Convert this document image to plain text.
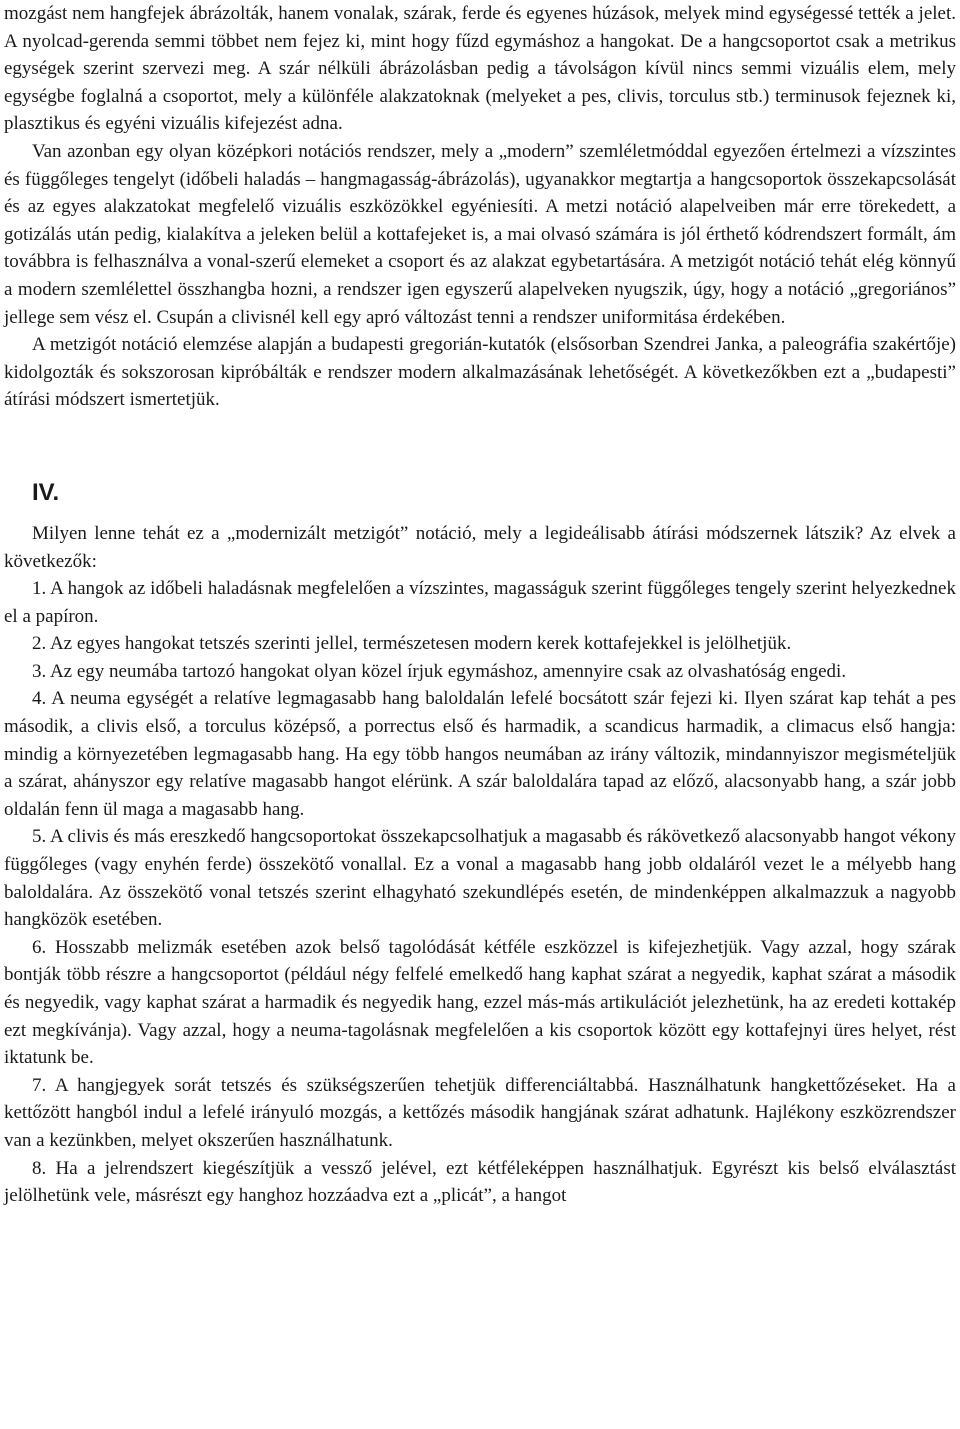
mozgást nem hangfejek ábrázolták, hanem vonalak, szárak, ferde és egyenes húzások, melyek mind egységessé tették a jelet. A nyolcad-gerenda semmi többet nem fejez ki, mint hogy fűzd egymáshoz a hangokat. De a hangcsoportot csak a metrikus egységek szerint szervezi meg. A szár nélküli ábrázolásban pedig a távolságon kívül nincs semmi vizuális elem, mely egységbe foglalná a csoportot, mely a különféle alakzatoknak (melyeket a pes, clivis, torculus stb.) terminusok fejeznek ki, plasztikus és egyéni vizuális kifejezést adna.

Van azonban egy olyan középkori notációs rendszer, mely a „modern” szemléletmóddal egyezően értelmezi a vízszintes és függőleges tengelyt (időbeli haladás – hangmagasság-ábrázolás), ugyanakkor megtartja a hangcsoportok összekapcsolását és az egyes alakzatokat megfelelő vizuális eszközökkel egyéniesíti. A metzi notáció alapelveiben már erre törekedett, a gotizálás után pedig, kialakítva a jeleken belül a kottafejeket is, a mai olvasó számára is jól érthető kódrendszert formált, ám továbbra is felhasználva a vonal-szerű elemeket a csoport és az alakzat egybetartására. A metzigót notáció tehát elég könnyű a modern szemlélettel összhangba hozni, a rendszer igen egyszerű alapelveken nyugszik, úgy, hogy a notáció „gregoriános” jellege sem vész el. Csupán a clivisnél kell egy apró változást tenni a rendszer uniformitása érdekében.

A metzigót notáció elemzése alapján a budapesti gregorián-kutatók (elsősorban Szendrei Janka, a paleográfia szakértője) kidolgozták és sokszorosan kipróbálták e rendszer modern alkalmazásának lehetőségét. A következőkben ezt a „budapesti” átírási módszert ismertetjük.

IV.

Milyen lenne tehát ez a „modernizált metzigót” notáció, mely a legideálisabb átírási módszernek látszik? Az elvek a következők:

1. A hangok az időbeli haladásnak megfelelően a vízszintes, magasságuk szerint függőleges tengely szerint helyezkednek el a papíron.

2. Az egyes hangokat tetszés szerinti jellel, természetesen modern kerek kottafejekkel is jelölhetjük.

3. Az egy neumába tartozó hangokat olyan közel írjuk egymáshoz, amennyire csak az olvashatóság engedi.

4. A neuma egységét a relatíve legmagasabb hang baloldalán lefelé bocsátott szár fejezi ki. Ilyen szárat kap tehát a pes második, a clivis első, a torculus középső, a porrectus első és harmadik, a scandicus harmadik, a climacus első hangja: mindig a környezetében legmagasabb hang. Ha egy több hangos neumában az irány változik, mindannyiszor megismételjük a szárat, ahányszor egy relatíve magasabb hangot elérünk. A szár baloldalára tapad az előző, alacsonyabb hang, a szár jobb oldalán fenn ül maga a magasabb hang.

5. A clivis és más ereszkedő hangcsoportokat összekapcsolhatjuk a magasabb és rákövetkező alacsonyabb hangot vékony függőleges (vagy enyhén ferde) összekötő vonallal. Ez a vonal a magasabb hang jobb oldaláról vezet le a mélyebb hang baloldalára. Az összekötő vonal tetszés szerint elhagyható szekundlépés esetén, de mindenképpen alkalmazzuk a nagyobb hangközök esetében.

6. Hosszabb melizmák esetében azok belső tagolódását kétféle eszközzel is kifejezhetjük. Vagy azzal, hogy szárak bontják több részre a hangcsoportot (például négy felfelé emelkedő hang kaphat szárat a negyedik, kaphat szárat a második és negyedik, vagy kaphat szárat a harmadik és negyedik hang, ezzel más-más artikulációt jelezhetünk, ha az eredeti kottakép ezt megkívánja). Vagy azzal, hogy a neuma-tagolásnak megfelelően a kis csoportok között egy kottafejnyi üres helyet, rést iktatunk be.

7. A hangjegyek sorát tetszés és szükségszerűen tehetjük differenciáltabbá. Használhatunk hangkettőzéseket. Ha a kettőzött hangból indul a lefelé irányuló mozgás, a kettőzés második hangjának szárat adhatunk. Hajlékony eszközrendszer van a kezünkben, melyet okszerűen használhatunk.

8. Ha a jelrendszert kiegészítjük a vessző jelével, ezt kétféleképpen használhatjuk. Egyrészt kis belső elválasztást jelölhetünk vele, másrészt egy hanghoz hozzáadva ezt a „plicát”, a hangot
